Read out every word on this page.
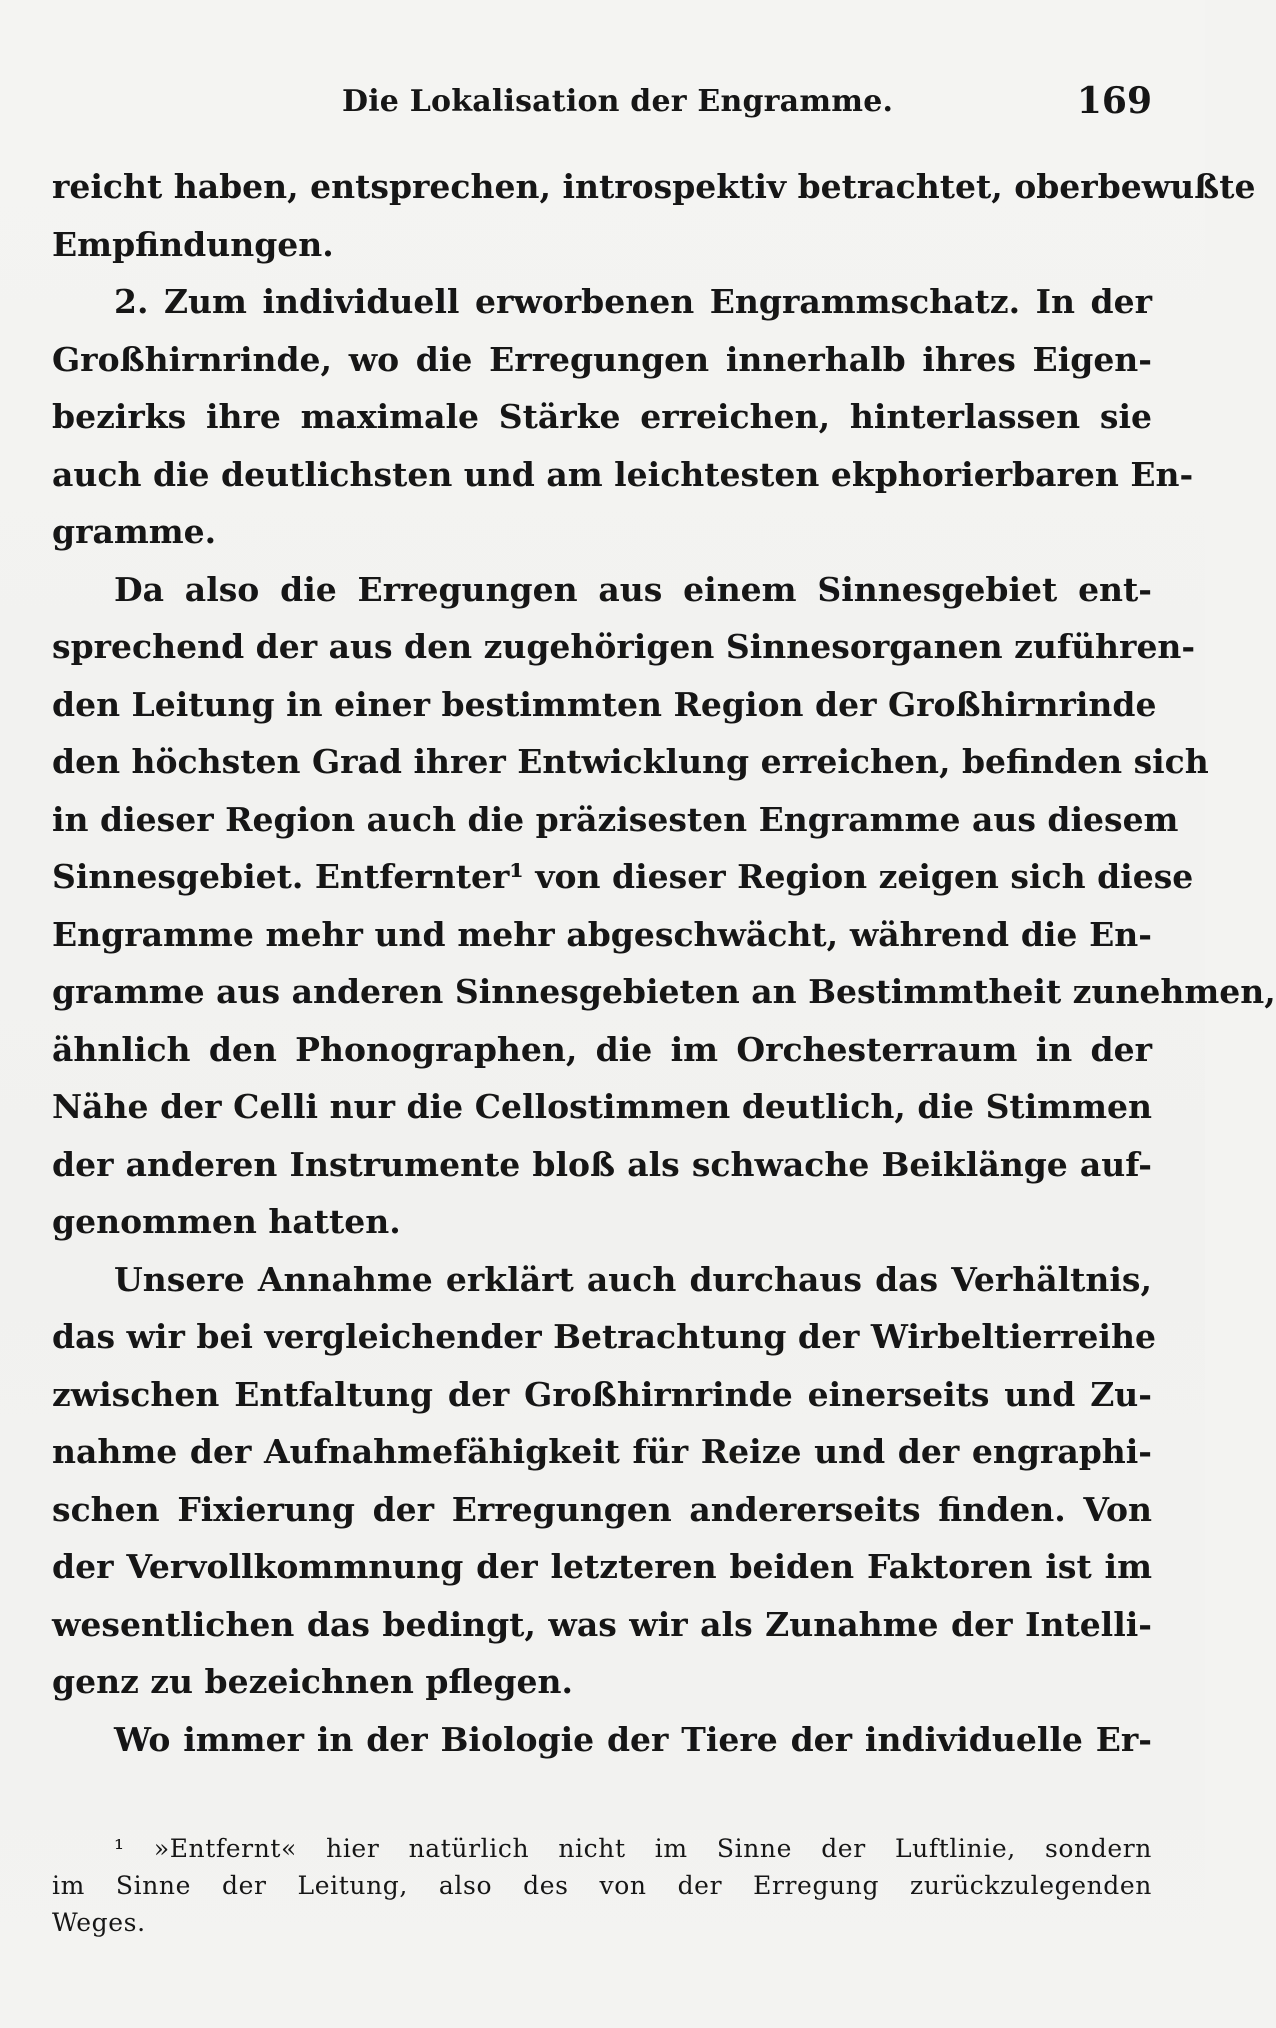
Die Lokalisation der Engramme.	169
reicht haben, entsprechen, introspektiv betrachtet, oberbewußte
Empfindungen.
2. Zum individuell erworbenen Engrammschatz. In der
Großhirnrinde, wo die Erregungen innerhalb ihres Eigen-
bezirks ihre maximale Stärke erreichen, hinterlassen sie
auch die deutlichsten und am leichtesten ekphorierbaren En-
gramme.
Da also die Erregungen aus einem Sinnesgebiet ent-
sprechend der aus den zugehörigen Sinnesorganen zuführen-
den Leitung in einer bestimmten Region der Großhirnrinde
den höchsten Grad ihrer Entwicklung erreichen, befinden sich
in dieser Region auch die präzisesten Engramme aus diesem
Sinnesgebiet. Entfernter¹ von dieser Region zeigen sich diese
Engramme mehr und mehr abgeschwächt, während die En-
gramme aus anderen Sinnesgebieten an Bestimmtheit zunehmen,
ähnlich den Phonographen, die im Orchesterraum in der
Nähe der Celli nur die Cellostimmen deutlich, die Stimmen
der anderen Instrumente bloß als schwache Beiklänge auf-
genommen hatten.
Unsere Annahme erklärt auch durchaus das Verhältnis,
das wir bei vergleichender Betrachtung der Wirbeltierreihe
zwischen Entfaltung der Großhirnrinde einerseits und Zu-
nahme der Aufnahmefähigkeit für Reize und der engraphi-
schen Fixierung der Erregungen andererseits finden. Von
der Vervollkommnung der letzteren beiden Faktoren ist im
wesentlichen das bedingt, was wir als Zunahme der Intelli-
genz zu bezeichnen pflegen.
Wo immer in der Biologie der Tiere der individuelle Er-
¹ »Entfernt« hier natürlich nicht im Sinne der Luftlinie, sondern
im Sinne der Leitung, also des von der Erregung zurückzulegenden
Weges.
